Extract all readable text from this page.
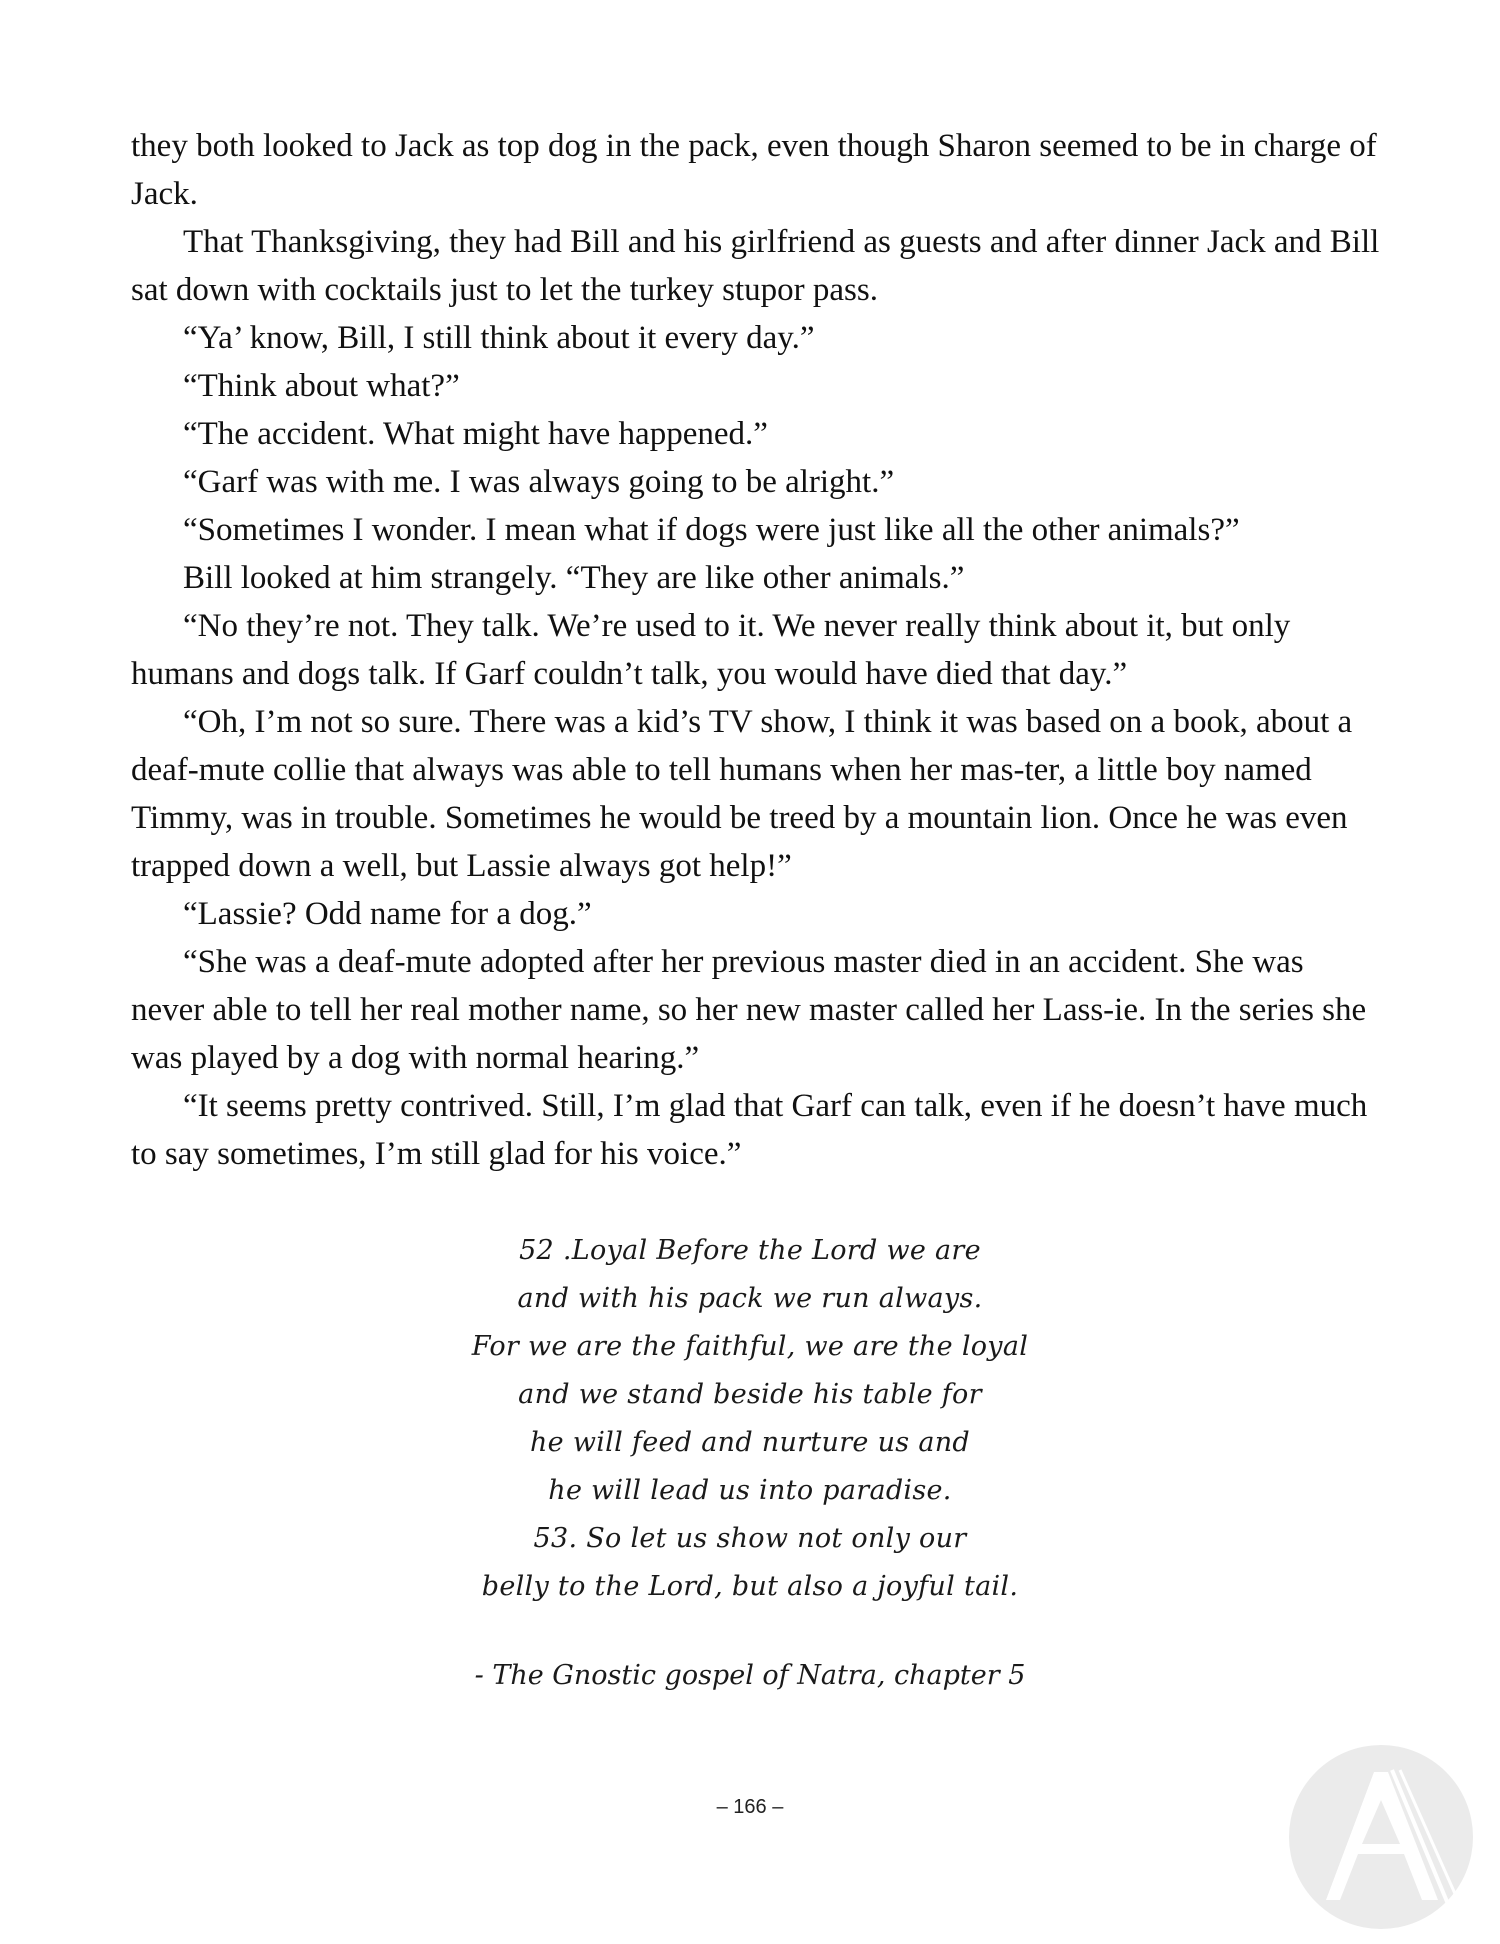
they both looked to Jack as top dog in the pack, even though Sharon seemed to be in charge of Jack.

That Thanksgiving, they had Bill and his girlfriend as guests and after dinner Jack and Bill sat down with cocktails just to let the turkey stupor pass.

“Ya’ know, Bill, I still think about it every day.”

“Think about what?”

“The accident. What might have happened.”

“Garf was with me. I was always going to be alright.”

“Sometimes I wonder. I mean what if dogs were just like all the other animals?”

Bill looked at him strangely. “They are like other animals.”

“No they’re not. They talk. We’re used to it. We never really think about it, but only humans and dogs talk. If Garf couldn’t talk, you would have died that day.”

“Oh, I’m not so sure. There was a kid’s TV show, I think it was based on a book, about a deaf-mute collie that always was able to tell humans when her mas-ter, a little boy named Timmy, was in trouble. Sometimes he would be treed by a mountain lion. Once he was even trapped down a well, but Lassie always got help!”

“Lassie? Odd name for a dog.”

“She was a deaf-mute adopted after her previous master died in an accident. She was never able to tell her real mother name, so her new master called her Lass-ie. In the series she was played by a dog with normal hearing.”

“It seems pretty contrived. Still, I’m glad that Garf can talk, even if he doesn’t have much to say sometimes, I’m still glad for his voice.”

52 .Loyal Before the Lord we are
and with his pack we run always.
For we are the faithful, we are the loyal
and we stand beside his table for
he will feed and nurture us and
he will lead us into paradise.
53. So let us show not only our
belly to the Lord, but also a joyful tail.
- The Gnostic gospel of Natra, chapter 5
– 166 –
